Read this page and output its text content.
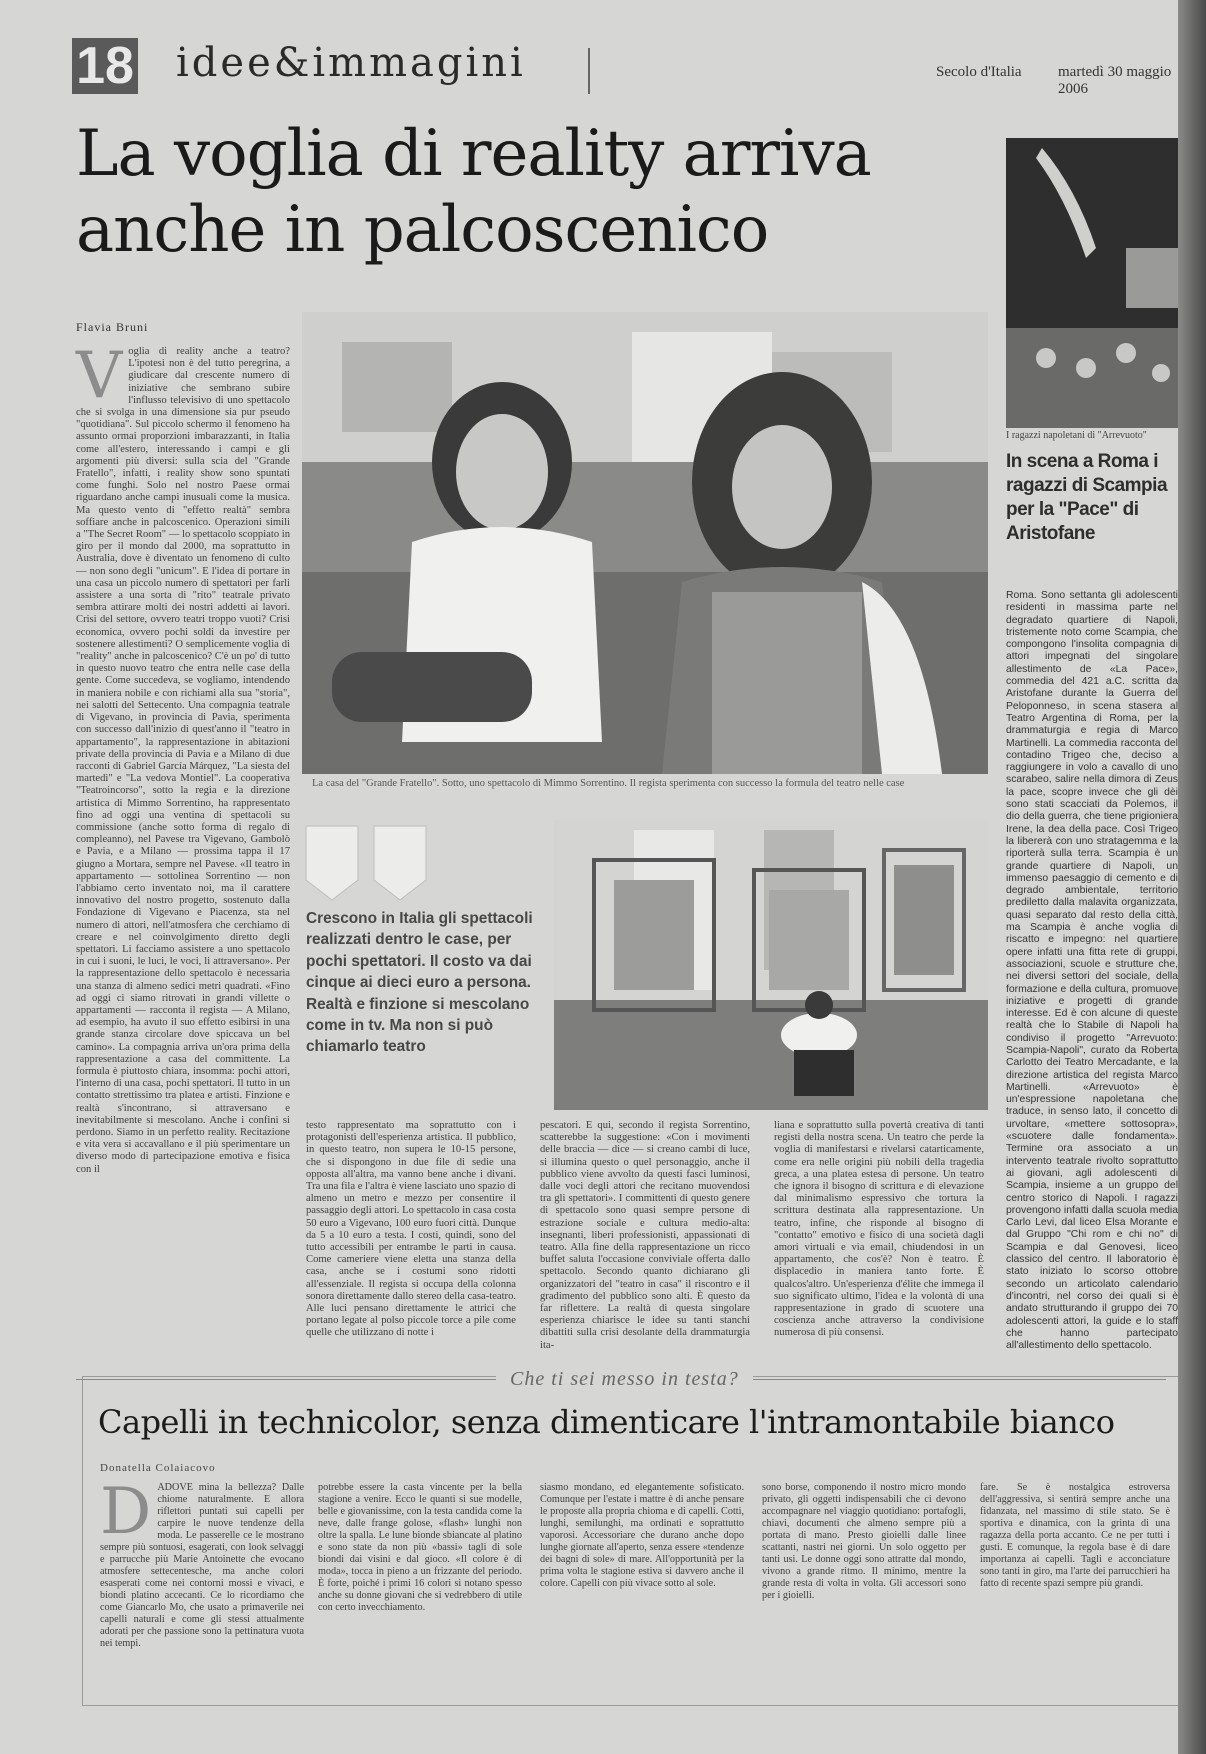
18 idee&immagini	Secolo d'Italia martedì 30 maggio 2006
La voglia di reality arriva
anche in palcoscenico
Flavia Bruni
Voglia di reality anche a teatro? L'ipotesi non è del tutto peregrina, a giudicare dal crescente numero di iniziative che sembrano subire l'influsso televisivo di uno spettacolo che si svolga in una dimensione sia pur pseudo "quotidiana". Sul piccolo schermo il fenomeno ha assunto ormai proporzioni imbarazzanti, in Italia come all'estero, interessando i campi e gli argomenti più diversi: sulla scia del "Grande Fratello", infatti, i reality show sono spuntati come funghi. Solo nel nostro Paese ormai riguardano anche campi inusuali come la musica. Ma questo vento di "effetto realtà" sembra soffiare anche in palcoscenico. Operazioni simili a "The Secret Room" — lo spettacolo scoppiato in giro per il mondo dal 2000, ma soprattutto in Australia, dove è diventato un fenomeno di culto — non sono degli "unicum". E l'idea di portare in una casa un piccolo numero di spettatori per farli assistere a una sorta di "rito" teatrale privato sembra attirare molti dei nostri addetti ai lavori. Crisi del settore, ovvero teatri troppo vuoti? Crisi economica, ovvero pochi soldi da investire per sostenere allestimenti? O semplicemente voglia di "reality" anche in palcoscenico? C'è un po' di tutto in questo nuovo teatro che entra nelle case della gente. Come succedeva, se vogliamo, intendendo in maniera nobile e con richiami alla sua "storia", nei salotti del Settecento. Una compagnia teatrale di Vigevano, in provincia di Pavia, sperimenta con successo dall'inizio di quest'anno il "teatro in appartamento", la rappresentazione in abitazioni private della provincia di Pavia e a Milano di due racconti di Gabriel García Márquez, "La siesta del martedì" e "La vedova Montiel". La cooperativa "Teatroincorso", sotto la regia e la direzione artistica di Mimmo Sorrentino, ha rappresentato fino ad oggi una ventina di spettacoli su commissione (anche sotto forma di regalo di compleanno), nel Pavese tra Vigevano, Gambolò e Pavia, e a Milano — prossima tappa il 17 giugno a Mortara, sempre nel Pavese. «Il teatro in appartamento — sottolinea Sorrentino — non l'abbiamo certo inventato noi, ma il carattere innovativo del nostro progetto, sostenuto dalla Fondazione di Vigevano e Piacenza, sta nel numero di attori, nell'atmosfera che cerchiamo di creare e nel coinvolgimento diretto degli spettatori. Li facciamo assistere a uno spettacolo in cui i suoni, le luci, le voci, li attraversano». Per la rappresentazione dello spettacolo è necessaria una stanza di almeno sedici metri quadrati. «Fino ad oggi ci siamo ritrovati in grandi villette o appartamenti — racconta il regista — A Milano, ad esempio, ha avuto il suo effetto esibirsi in una grande stanza circolare dove spiccava un bel camino». La compagnia arriva un'ora prima della rappresentazione a casa del committente. La formula è piuttosto chiara, insomma: pochi attori, l'interno di una casa, pochi spettatori. Il tutto in un contatto strettissimo tra platea e artisti. Finzione e realtà s'incontrano, si attraversano e inevitabilmente si mescolano. Anche i confini si perdono. Siamo in un perfetto reality. Recitazione e vita vera si accavallano e il più sperimentare un diverso modo di partecipazione emotiva e fisica con il
La casa del "Grande Fratello". Sotto, uno spettacolo di Mimmo Sorrentino. Il regista sperimenta con successo la formula del teatro nelle case
Crescono in Italia gli spettacoli realizzati dentro le case, per pochi spettatori. Il costo va dai cinque ai dieci euro a persona. Realtà e finzione si mescolano come in tv. Ma non si può chiamarlo teatro
testo rappresentato ma soprattutto con i protagonisti dell'esperienza artistica. Il pubblico, in questo teatro, non supera le 10-15 persone, che si dispongono in due file di sedie una opposta all'altra, ma vanno bene anche i divani. Tra una fila e l'altra è viene lasciato uno spazio di almeno un metro e mezzo per consentire il passaggio degli attori. Lo spettacolo in casa costa 50 euro a Vigevano, 100 euro fuori città. Dunque da 5 a 10 euro a testa. I costi, quindi, sono del tutto accessibili per entrambe le parti in causa. Come cameriere viene eletta una stanza della casa, anche se i costumi sono ridotti all'essenziale. Il regista si occupa della colonna sonora direttamente dallo stereo della casa-teatro. Alle luci pensano direttamente le attrici che portano legate al polso piccole torce a pile come quelle che utilizzano di notte i
pescatori. E qui, secondo il regista Sorrentino, scatterebbe la suggestione: «Con i movimenti delle braccia — dice — si creano cambi di luce, si illumina questo o quel personaggio, anche il pubblico viene avvolto da questi fasci luminosi, dalle voci degli attori che recitano muovendosi tra gli spettatori». I committenti di questo genere di spettacolo sono quasi sempre persone di estrazione sociale e cultura medio-alta: insegnanti, liberi professionisti, appassionati di teatro. Alla fine della rappresentazione un ricco buffet saluta l'occasione conviviale offerta dallo spettacolo. Secondo quanto dichiarano gli organizzatori del "teatro in casa" il riscontro e il gradimento del pubblico sono alti. È questo da far riflettere. La realtà di questa singolare esperienza chiarisce le idee su tanti stanchi dibattiti sulla crisi desolante della drammaturgia ita-
liana e soprattutto sulla povertà creativa di tanti registi della nostra scena. Un teatro che perde la voglia di manifestarsi e rivelarsi catarticamente, come era nelle origini più nobili della tragedia greca, a una platea estesa di persone. Un teatro che ignora il bisogno di scrittura e di elevazione dal minimalismo espressivo che tortura la scrittura destinata alla rappresentazione. Un teatro, infine, che risponde al bisogno di "contatto" emotivo e fisico di una società dagli amori virtuali e via email, chiudendosi in un appartamento, che cos'è? Non è teatro. È displacedio in maniera tanto forte. È qualcos'altro. Un'esperienza d'élite che immega il suo significato ultimo, l'idea e la volontà di una rappresentazione in grado di scuotere una coscienza anche attraverso la condivisione numerosa di più consensi.
I ragazzi napoletani di "Arrevuoto"
In scena a Roma i ragazzi di Scampia per la "Pace" di Aristofane
Roma. Sono settanta gli adolescenti residenti in massima parte nel degradato quartiere di Napoli, tristemente noto come Scampia, che compongono l'insolita compagnia di attori impegnati del singolare allestimento de «La Pace», commedia del 421 a.C. scritta da Aristofane durante la Guerra del Peloponneso, in scena stasera al Teatro Argentina di Roma, per la drammaturgia e regia di Marco Martinelli. La commedia racconta del contadino Trigeo che, deciso a raggiungere in volo a cavallo di uno scarabeo, salire nella dimora di Zeus la pace, scopre invece che gli dèi sono stati scacciati da Polemos, il dio della guerra, che tiene prigioniera Irene, la dea della pace. Così Trigeo la libererà con uno stratagemma e la riporterà sulla terra. Scampia è un grande quartiere di Napoli, un immenso paesaggio di cemento e di degrado ambientale, territorio prediletto dalla malavita organizzata, quasi separato dal resto della città, ma Scampia è anche voglia di riscatto e impegno: nel quartiere opere infatti una fitta rete di gruppi, associazioni, scuole e strutture che, nei diversi settori del sociale, della formazione e della cultura, promuove iniziative e progetti di grande interesse. Ed è con alcune di queste realtà che lo Stabile di Napoli ha condiviso il progetto "Arrevuoto: Scampia-Napoli", curato da Roberta Carlotto dei Teatro Mercadante, e la direzione artistica del regista Marco Martinelli. «Arrevuoto» è un'espressione napoletana che traduce, in senso lato, il concetto di urvoltare, «mettere sottosopra», «scuotere dalle fondamenta». Termine ora associato a un intervento teatrale rivolto soprattutto ai giovani, agli adolescenti di Scampia, insieme a un gruppo del centro storico di Napoli. I ragazzi provengono infatti dalla scuola media Carlo Levi, dal liceo Elsa Morante e dal Gruppo "Chi rom e chi no" di Scampia e dal Genovesi, liceo classico del centro. Il laboratorio è stato iniziato lo scorso ottobre secondo un articolato calendario d'incontri, nel corso dei quali si è andato strutturando il gruppo dei 70 adolescenti attori, la guide e lo staff che hanno partecipato all'allestimento dello spettacolo.
Che ti sei messo in testa?
Capelli in technicolor, senza dimenticare l'intramontabile bianco
Donatella Colaiacovo
DADOVE mina la bellezza? Dalle chiome naturalmente. E allora riflettori puntati sui capelli per carpire le nuove tendenze della moda. Le passerelle ce le mostrano sempre più sontuosi, esagerati, con look selvaggi e parrucche più Marie Antoinette che evocano atmosfere settecentesche, ma anche colori esasperati come nei contorni mossi e vivaci, e biondi platino accecanti. Ce lo ricordiamo che come Giancarlo Mo, che usato a primaverile nei capelli naturali e come gli stessi attualmente adorati per che passione sono la pettinatura vuota nei tempi.
potrebbe essere la casta vincente per la bella stagione a venire. Ecco le quanti si sue modelle, belle e giovanissime, con la testa candida come la neve, dalle frange golose, «flash» lunghi non oltre la spalla. Le lune bionde sbiancate al platino e sono state da non più «bassi» tagli di sole biondi dai visini e dal gioco. «Il colore è di moda», tocca in pieno a un frizzante del periodo. È forte, poiché i primi 16 colori si notano spesso anche su donne giovani che si vedrebbero di utile con certo invecchiamento.
siasmo mondano, ed elegantemente sofisticato. Comunque per l'estate i mattre è di anche pensare le proposte alla propria chioma e di capelli. Cotti, lunghi, semilunghi, ma ordinati e soprattutto vaporosi. Accessoriare che durano anche dopo lunghe giornate all'aperto, senza essere «tendenze dei bagni di sole» di mare. All'opportunità per la prima volta le stagione estiva si davvero anche il colore. Capelli con più vivace sotto al sole.
sono borse, componendo il nostro micro mondo privato, gli oggetti indispensabili che ci devono accompagnare nel viaggio quotidiano: portafogli, chiavi, documenti che almeno sempre più a portata di mano. Presto gioielli dalle linee scattanti, nastri nei giorni. Un solo oggetto per tanti usi. Le donne oggi sono attratte dal mondo, vivono a grande ritmo. Il minimo, mentre la grande resta di volta in volta. Gli accessori sono per i gioielli.
fare. Se è nostalgica estroversa dell'aggressiva, si sentirà sempre anche una fidanzata, nel massimo di stile stato. Se è sportiva e dinamica, con la grinta di una ragazza della porta accanto. Ce ne per tutti i gusti. E comunque, la regola base è di dare importanza ai capelli. Tagli e acconciature sono tanti in giro, ma l'arte dei parrucchieri ha fatto di recente spazi sempre più grandi.
